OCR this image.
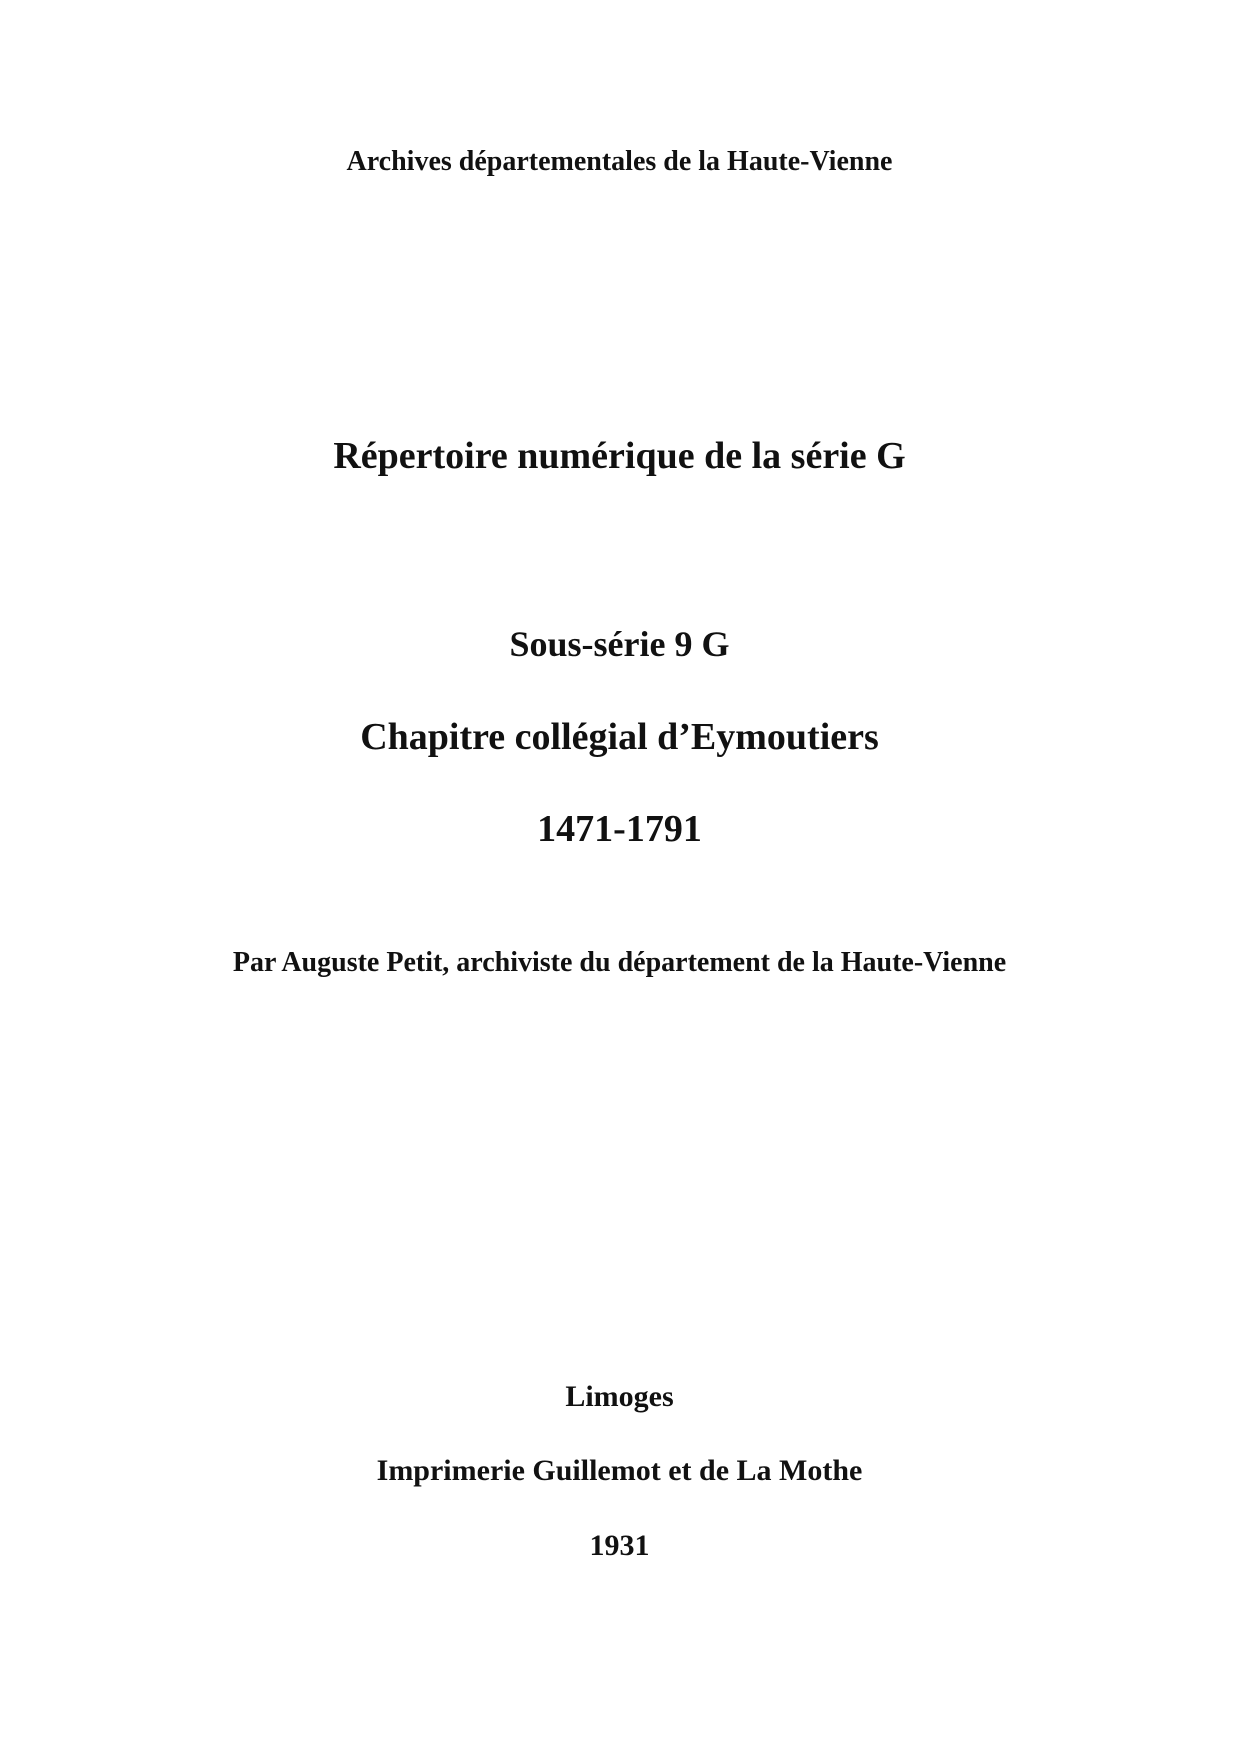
Archives départementales de la Haute-Vienne
Répertoire numérique de la série G
Sous-série 9 G
Chapitre collégial d’Eymoutiers
1471-1791
Par Auguste Petit, archiviste du département de la Haute-Vienne
Limoges
Imprimerie Guillemot et de La Mothe
1931
